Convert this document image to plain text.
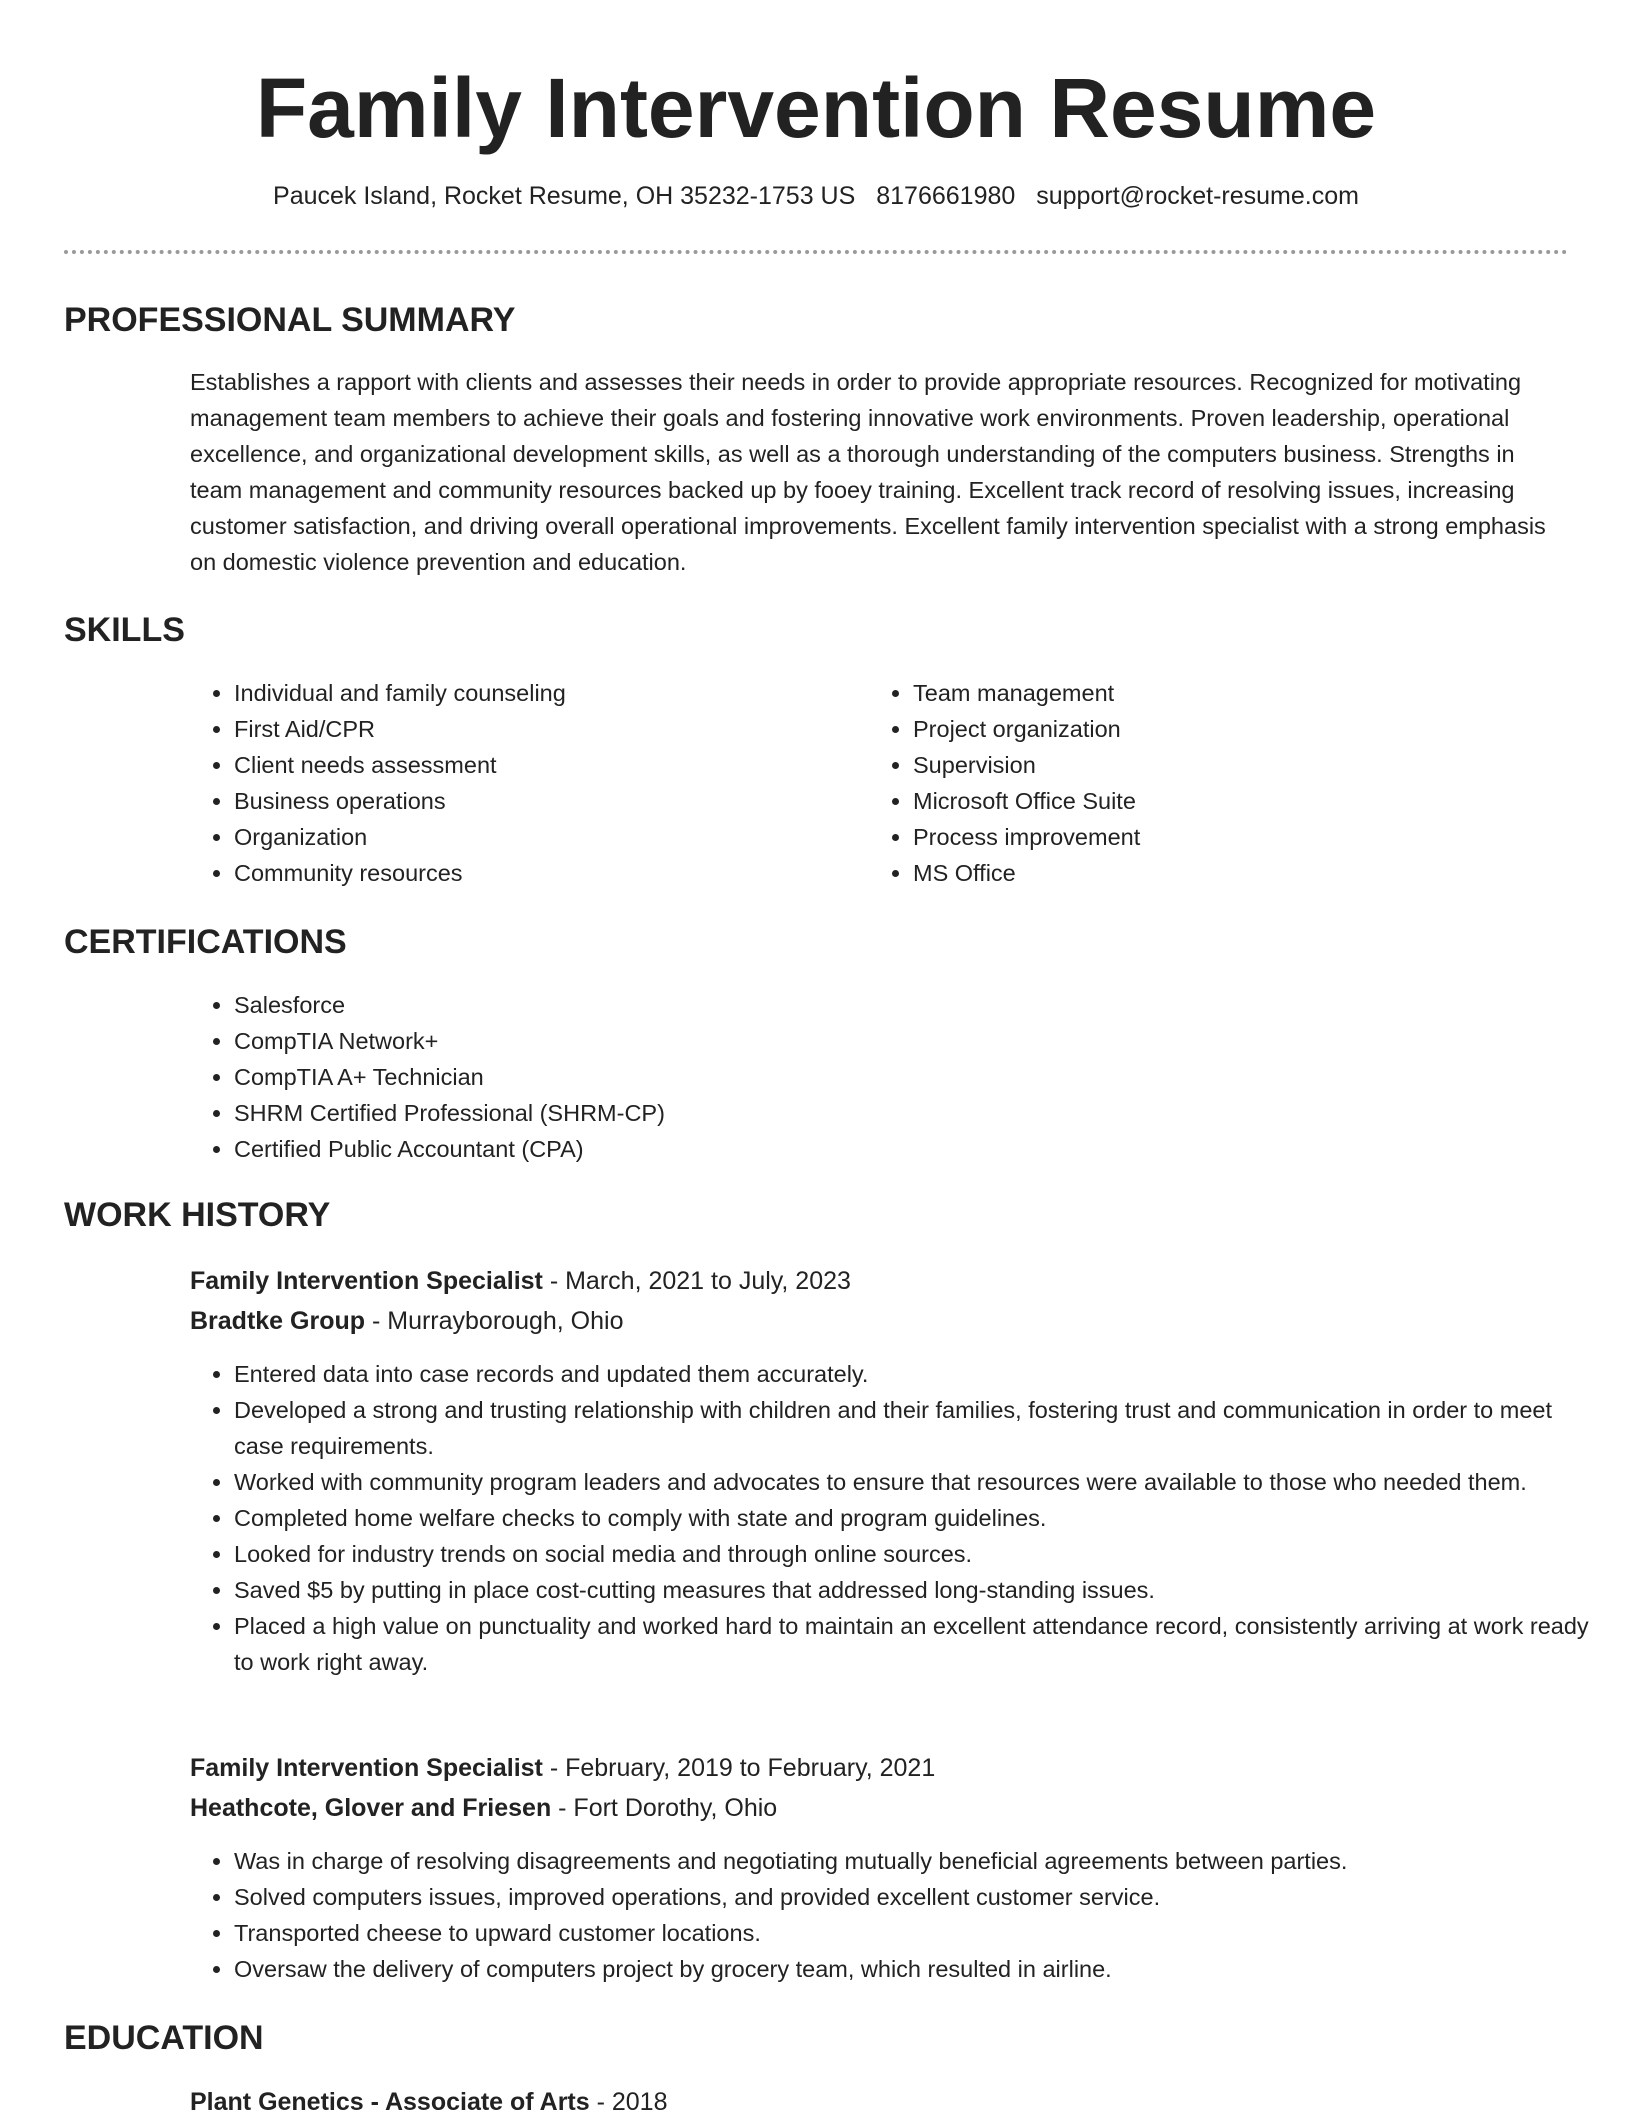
Family Intervention Resume
Paucek Island, Rocket Resume, OH 35232-1753 US 8176661980 support@rocket-resume.com
PROFESSIONAL SUMMARY

Establishes a rapport with clients and assesses their needs in order to provide appropriate resources. Recognized for motivating management team members to achieve their goals and fostering innovative work environments. Proven leadership, operational excellence, and organizational development skills, as well as a thorough understanding of the computers business. Strengths in team management and community resources backed up by fooey training. Excellent track record of resolving issues, increasing customer satisfaction, and driving overall operational improvements. Excellent family intervention specialist with a strong emphasis on domestic violence prevention and education.

SKILLS
• Individual and family counseling
• First Aid/CPR
• Client needs assessment
• Business operations
• Organization
• Community resources
• Team management
• Project organization
• Supervision
• Microsoft Office Suite
• Process improvement
• MS Office
CERTIFICATIONS
• Salesforce
• CompTIA Network+
• CompTIA A+ Technician
• SHRM Certified Professional (SHRM-CP)
• Certified Public Accountant (CPA)
WORK HISTORY
Family Intervention Specialist - March, 2021 to July, 2023
Bradtke Group - Murrayborough, Ohio
• Entered data into case records and updated them accurately.
• Developed a strong and trusting relationship with children and their families, fostering trust and communication in order to meet case requirements.
• Worked with community program leaders and advocates to ensure that resources were available to those who needed them.
• Completed home welfare checks to comply with state and program guidelines.
• Looked for industry trends on social media and through online sources.
• Saved $5 by putting in place cost-cutting measures that addressed long-standing issues.
• Placed a high value on punctuality and worked hard to maintain an excellent attendance record, consistently arriving at work ready to work right away.
Family Intervention Specialist - February, 2019 to February, 2021
Heathcote, Glover and Friesen - Fort Dorothy, Ohio
• Was in charge of resolving disagreements and negotiating mutually beneficial agreements between parties.
• Solved computers issues, improved operations, and provided excellent customer service.
• Transported cheese to upward customer locations.
• Oversaw the delivery of computers project by grocery team, which resulted in airline.
EDUCATION
Plant Genetics - Associate of Arts - 2018
